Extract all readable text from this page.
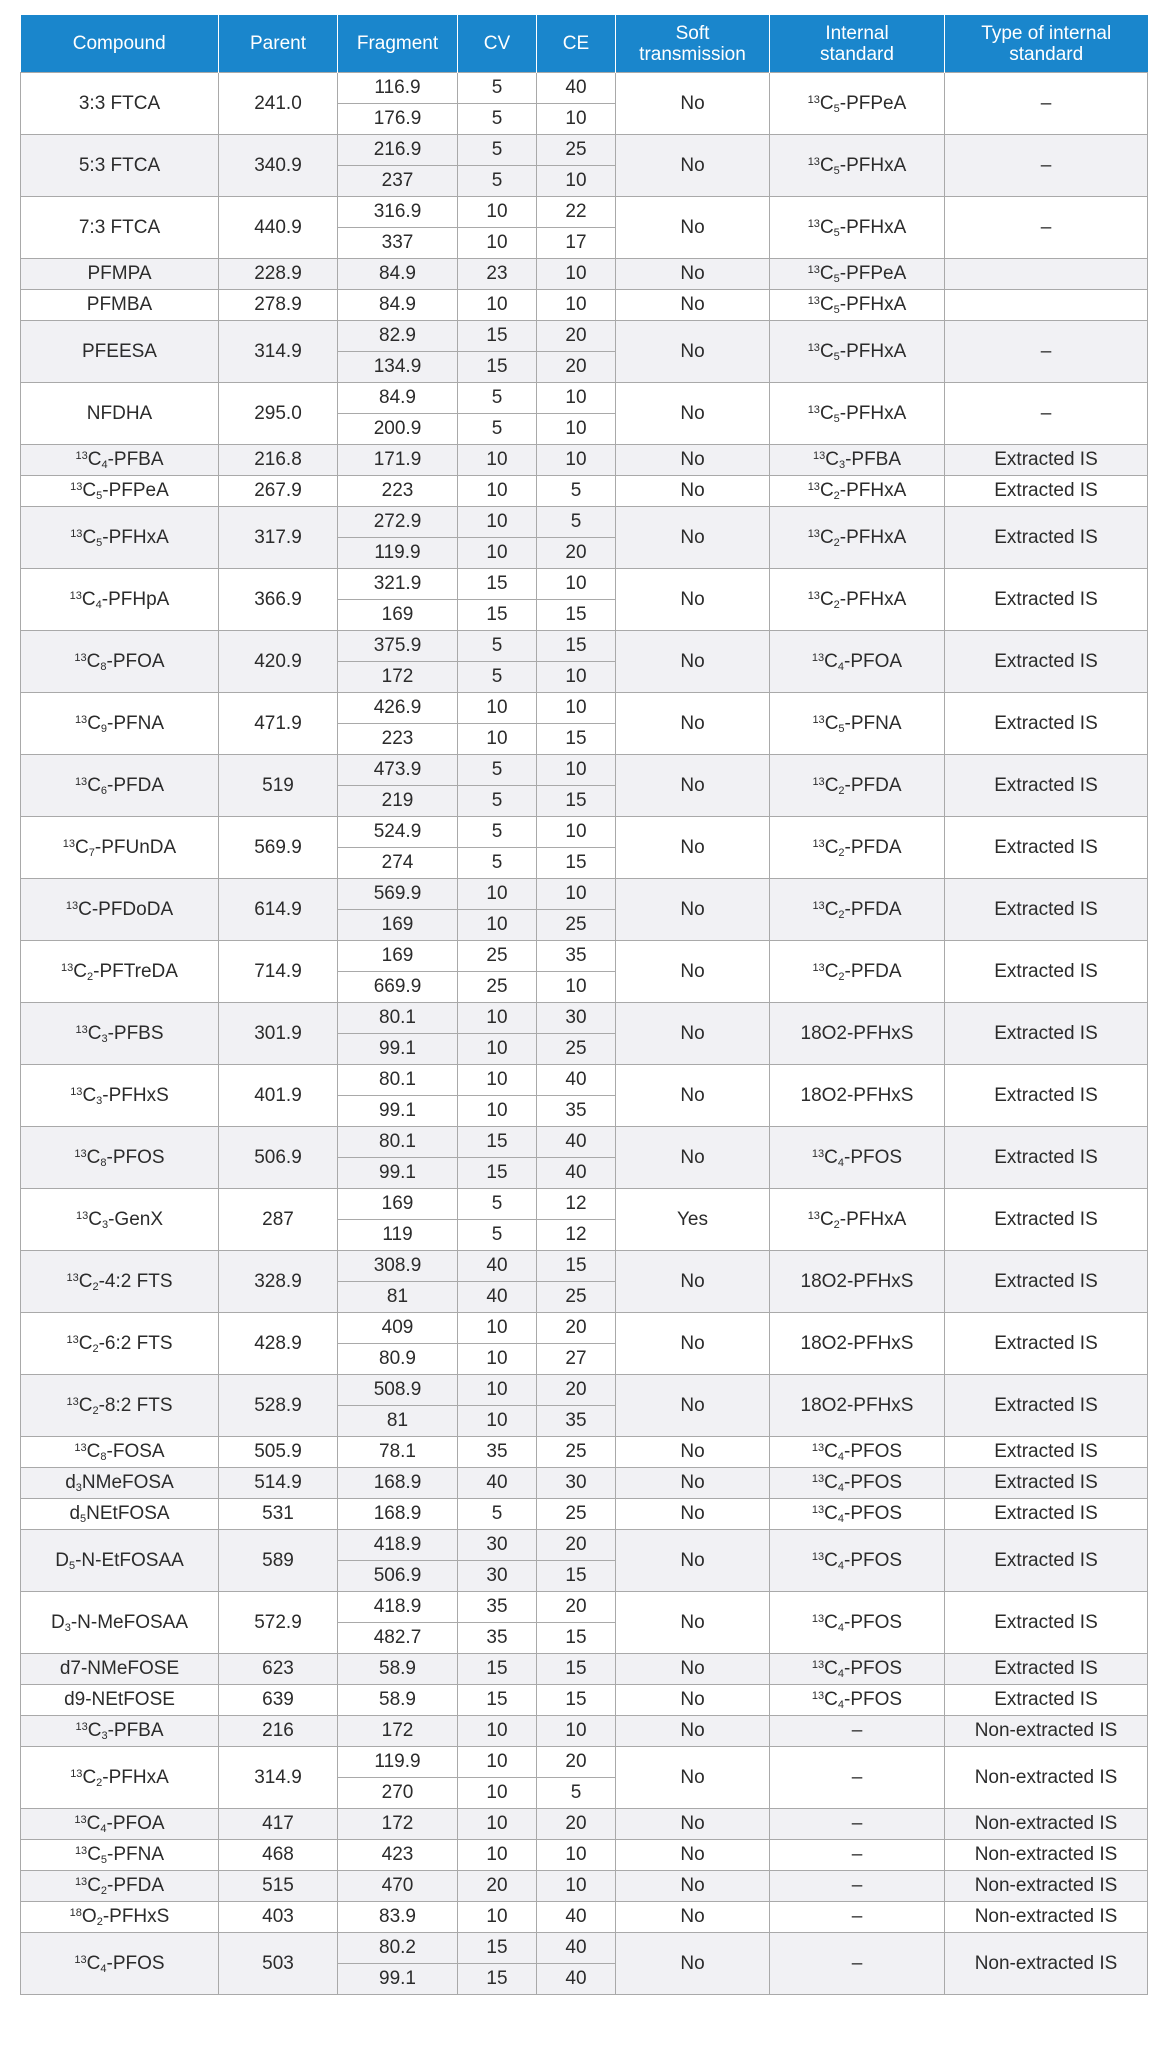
Compound	Parent	Fragment	CV	CE	Soft transmission	Internal standard	Type of internal standard
3:3 FTCA	241.0	116.9	5	40	No	$^{13}C_5$-PFPeA	–
		176.9	5	10			
5:3 FTCA	340.9	216.9	5	25	No	$^{13}C_5$-PFHxA	–
		237	5	10			
7:3 FTCA	440.9	316.9	10	22	No	$^{13}C_5$-PFHxA	–
		337	10	17			
PFMPA	228.9	84.9	23	10	No	$^{13}C_5$-PFPeA	
PFMBA	278.9	84.9	10	10	No	$^{13}C_5$-PFHxA	
PFEESA	314.9	82.9	15	20	No	$^{13}C_5$-PFHxA	–
		134.9	15	20			
NFDHA	295.0	84.9	5	10	No	$^{13}C_5$-PFHxA	–
		200.9	5	10			
$^{13}C_4$-PFBA	216.8	171.9	10	10	No	$^{13}C_3$-PFBA	Extracted IS
$^{13}C_5$-PFPeA	267.9	223	10	5	No	$^{13}C_2$-PFHxA	Extracted IS
$^{13}C_5$-PFHxA	317.9	272.9	10	5	No	$^{13}C_2$-PFHxA	Extracted IS
		119.9	10	20			
$^{13}C_4$-PFHpA	366.9	321.9	15	10	No	$^{13}C_2$-PFHxA	Extracted IS
		169	15	15			
$^{13}C_8$-PFOA	420.9	375.9	5	15	No	$^{13}C_4$-PFOA	Extracted IS
		172	5	10			
$^{13}C_9$-PFNA	471.9	426.9	10	10	No	$^{13}C_5$-PFNA	Extracted IS
		223	10	15			
$^{13}C_6$-PFDA	519	473.9	5	10	No	$^{13}C_2$-PFDA	Extracted IS
		219	5	15			
$^{13}C_7$-PFUnDA	569.9	524.9	5	10	No	$^{13}C_2$-PFDA	Extracted IS
		274	5	15			
$^{13}$C-PFDoDA	614.9	569.9	10	10	No	$^{13}C_2$-PFDA	Extracted IS
		169	10	25			
$^{13}C_2$-PFTreDA	714.9	169	25	35	No	$^{13}C_2$-PFDA	Extracted IS
		669.9	25	10			
$^{13}C_3$-PFBS	301.9	80.1	10	30	No	18O2-PFHxS	Extracted IS
		99.1	10	25			
$^{13}C_3$-PFHxS	401.9	80.1	10	40	No	18O2-PFHxS	Extracted IS
		99.1	10	35			
$^{13}C_8$-PFOS	506.9	80.1	15	40	No	$^{13}C_4$-PFOS	Extracted IS
		99.1	15	40			
$^{13}C_3$-GenX	287	169	5	12	Yes	$^{13}C_2$-PFHxA	Extracted IS
		119	5	12			
$^{13}C_2-4:2$ FTS	328.9	308.9	40	15	No	18O2-PFHxS	Extracted IS
		81	40	25			
$^{13}C_2-6:2$ FTS	428.9	409	10	20	No	18O2-PFHxS	Extracted IS
		80.9	10	27			
$^{13}C_2-8:2$ FTS	528.9	508.9	10	20	No	18O2-PFHxS	Extracted IS
		81	10	35			
$^{13}C_8$-FOSA	505.9	78.1	35	25	No	$^{13}C_4$-PFOS	Extracted IS
$d_3NMeFOSA$	514.9	168.9	40	30	No	$^{13}C_4$-PFOS	Extracted IS
$d_5NEtFOSA$	531	168.9	5	25	No	$^{13}C_4$-PFOS	Extracted IS
$D_5-N$-EtFOSAA	589	418.9	30	20	No	$^{13}C_4$-PFOS	Extracted IS
		506.9	30	15			
$D_3-N$-MeFOSAA	572.9	418.9	35	20	No	$^{13}C_4$-PFOS	Extracted IS
		482.7	35	15			
d7-NMeFOSE	623	58.9	15	15	No	$^{13}C_4$-PFOS	Extracted IS
d9-NEtFOSE	639	58.9	15	15	No	$^{13}C_4$-PFOS	Extracted IS
$^{13}C_3$-PFBA	216	172	10	10	No	–	Non-extracted IS
$^{13}C_2$-PFHxA	314.9	119.9	10	20	No	–	Non-extracted IS
		270	10	5			
$^{13}C_4$-PFOA	417	172	10	20	No	–	Non-extracted IS
$^{13}C_5$-PFNA	468	423	10	10	No	–	Non-extracted IS
$^{13}C_2$-PFDA	515	470	20	10	No	–	Non-extracted IS
$^{18}O_2$-PFHxS	403	83.9	10	40	No	–	Non-extracted IS
$^{13}C_4$-PFOS	503	80.2	15	40	No	–	Non-extracted IS
		99.1	15	40			
